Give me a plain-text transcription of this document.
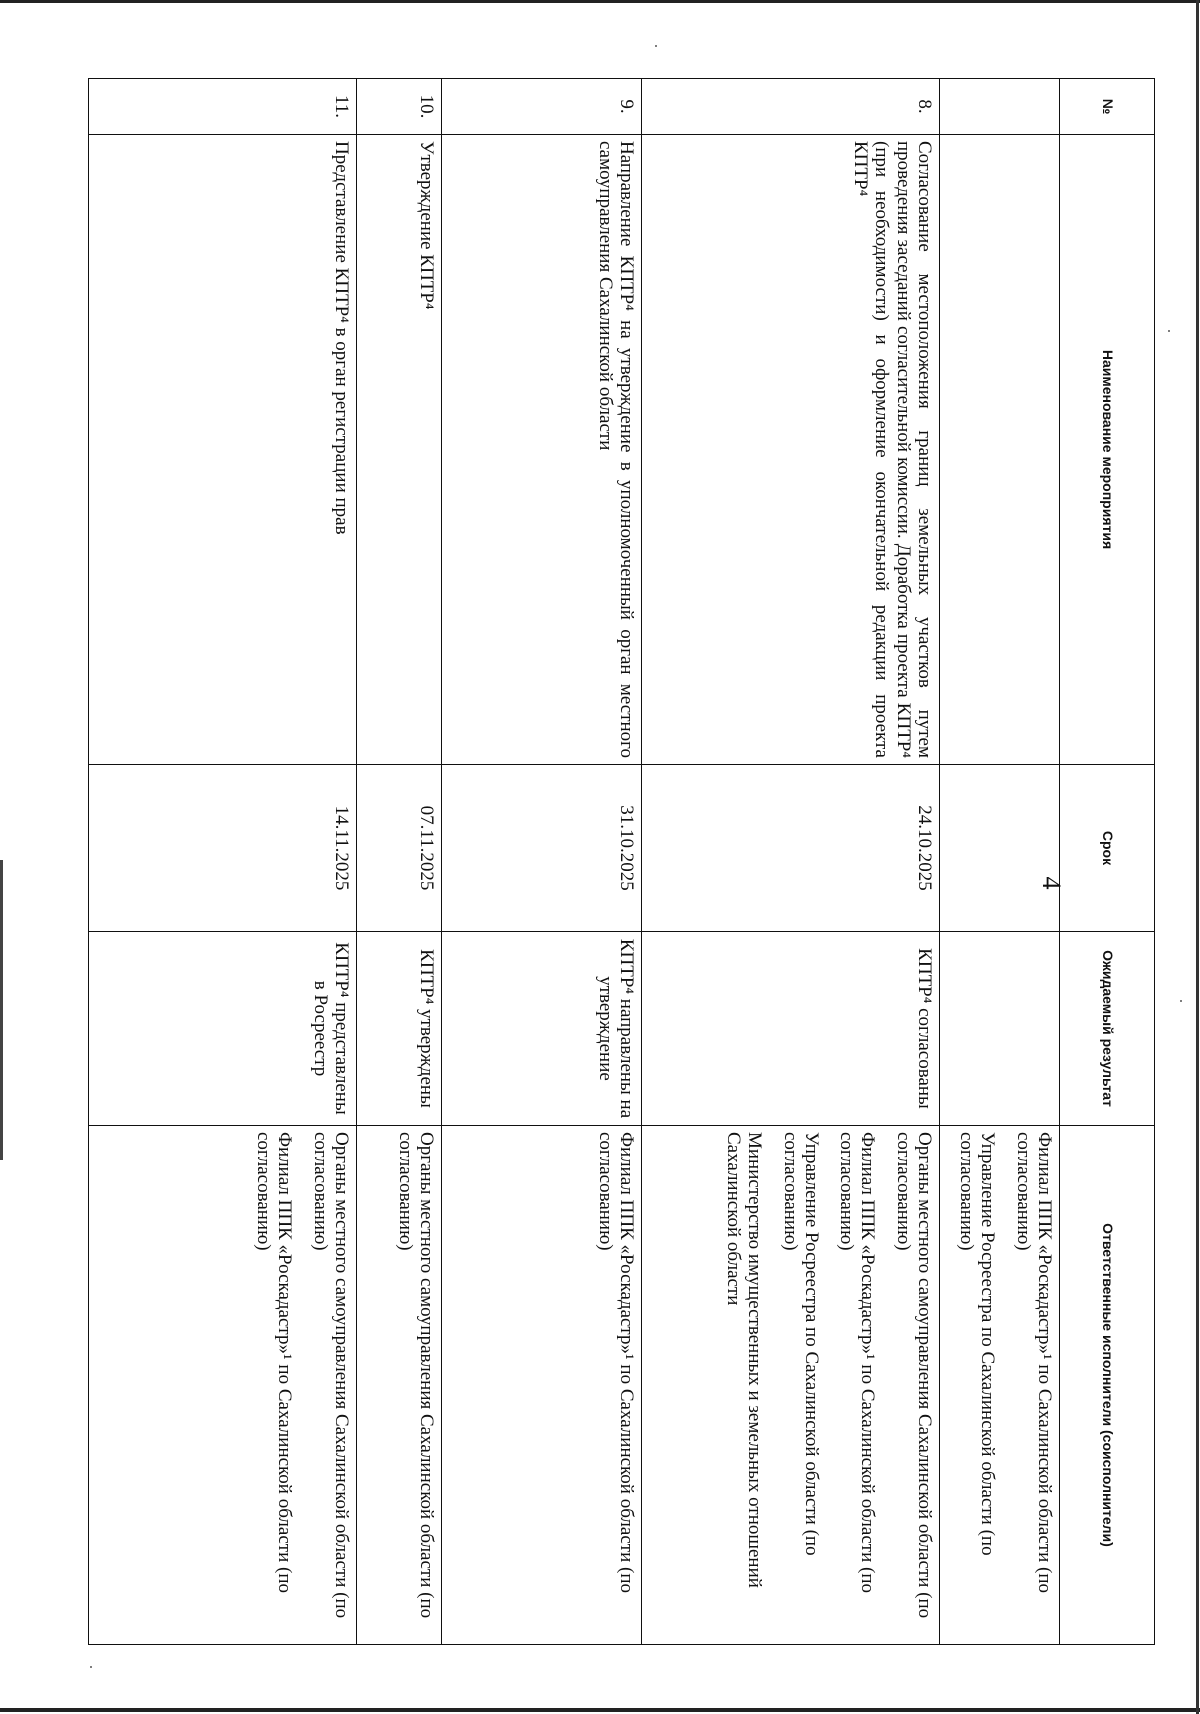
4
№	Наименование мероприятия	Срок	Ожидаемый результат	Ответственные исполнители (соисполнители)

				Филиал ППК «Роскадастр»¹ по Сахалинской области (по согласованию)

Управление Росреестра по Сахалинской области (по согласованию)

8.	Согласование местоположения границ земельных участков путем проведения заседаний согласительной комиссии. Доработка проекта КПТР⁴ (при необходимости) и оформление окончательной редакции проекта КПТР⁴	24.10.2025	КПТР⁴ согласованы	Органы местного самоуправления Сахалинской области (по согласованию)

Филиал ППК «Роскадастр»¹ по Сахалинской области (по согласованию)

Управление Росреестра по Сахалинской области (по согласованию)

Министерство имущественных и земельных отношений Сахалинской области

9.	Направление КПТР⁴ на утверждение в уполномоченный орган местного самоуправления Сахалинской области	31.10.2025	КПТР⁴ направлены на утверждение	Филиал ППК «Роскадастр»¹ по Сахалинской области (по согласованию)

10.	Утверждение КПТР⁴	07.11.2025	КПТР⁴ утверждены	Органы местного самоуправления Сахалинской области (по согласованию)

11.	Представление КПТР⁴ в орган регистрации прав	14.11.2025	КПТР⁴ представлены в Росреестр	Органы местного самоуправления Сахалинской области (по согласованию)

Филиал ППК «Роскадастр»¹ по Сахалинской области (по согласованию)
